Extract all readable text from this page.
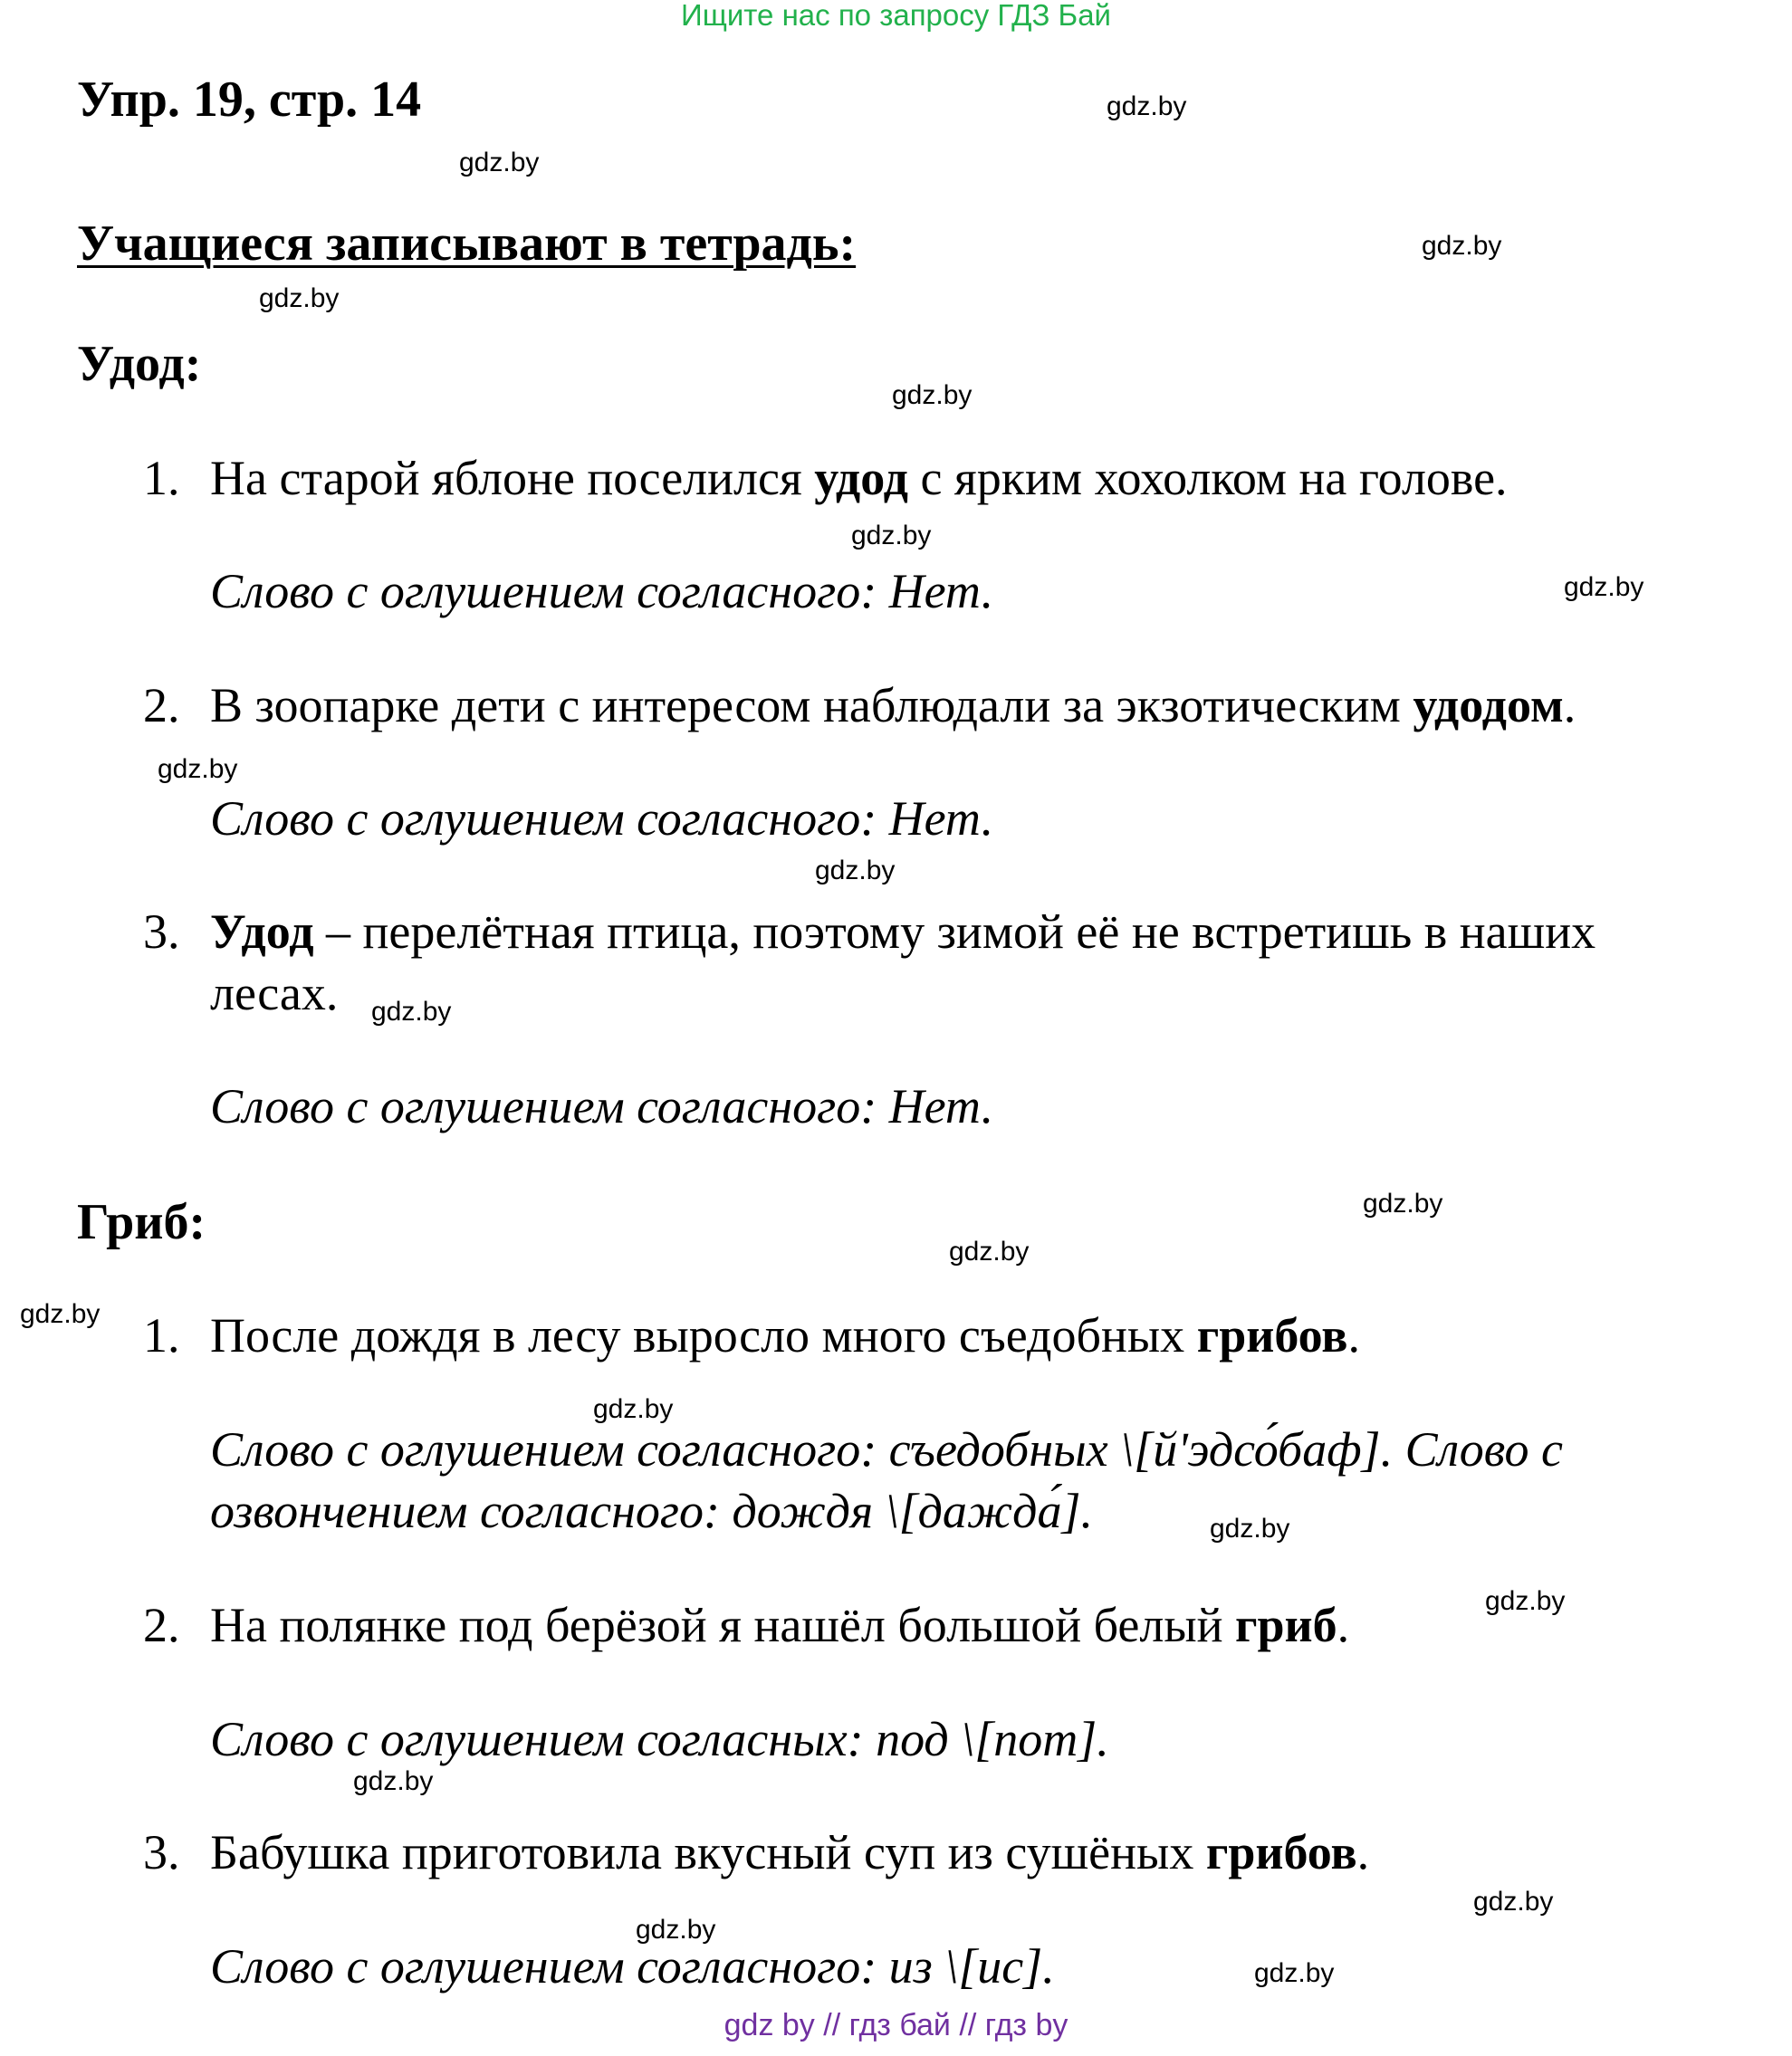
Ищите нас по запросу ГДЗ Бай
Упр. 19, стр. 14
Учащиеся записывают в тетрадь:
Удод:
1. На старой яблоне поселился удод с ярким хохолком на голове.
Слово с оглушением согласного: Нет.
2. В зоопарке дети с интересом наблюдали за экзотическим удодом.
Слово с оглушением согласного: Нет.
3. Удод – перелётная птица, поэтому зимой её не встретишь в наших
лесах.
Слово с оглушением согласного: Нет.
Гриб:
1. После дождя в лесу выросло много съедобных грибов.
Слово с оглушением согласного: съедобных \[й'эдсо́баф]. Слово с
озвончением согласного: дождя \[дажда́].
2. На полянке под берёзой я нашёл большой белый гриб.
Слово с оглушением согласных: под \[пот].
3. Бабушка приготовила вкусный суп из сушёных грибов.
Слово с оглушением согласного: из \[ис].
gdz.by
gdz.by
gdz.by
gdz.by
gdz.by
gdz.by
gdz.by
gdz.by
gdz.by
gdz.by
gdz.by
gdz.by
gdz.by
gdz.by
gdz.by
gdz.by
gdz.by
gdz.by
gdz.by
gdz.by
gdz by // гдз бай // гдз by
